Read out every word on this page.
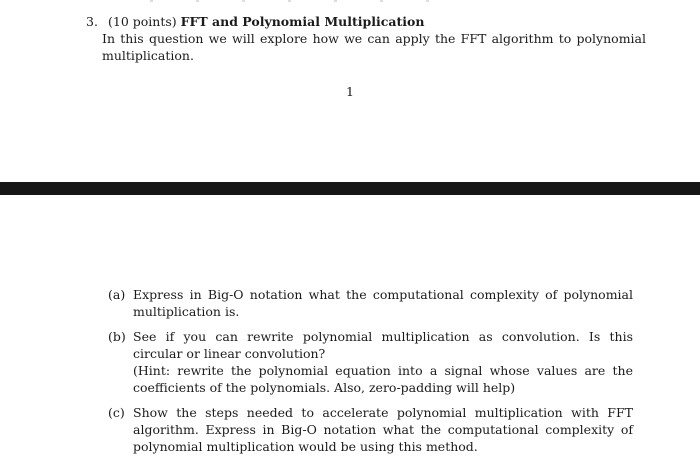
3. (10 points) FFT and Polynomial Multiplication

In this question we will explore how we can apply the FFT algorithm to polynomial multiplication.

1
(a) Express in Big-O notation what the computational complexity of polynomial multiplication is.

(b) See if you can rewrite polynomial multiplication as convolution. Is this circular or linear convolution?

(Hint: rewrite the polynomial equation into a signal whose values are the coefficients of the polynomials. Also, zero-padding will help)

(c) Show the steps needed to accelerate polynomial multiplication with FFT algorithm. Express in Big-O notation what the computational complexity of polynomial multiplication would be using this method.
